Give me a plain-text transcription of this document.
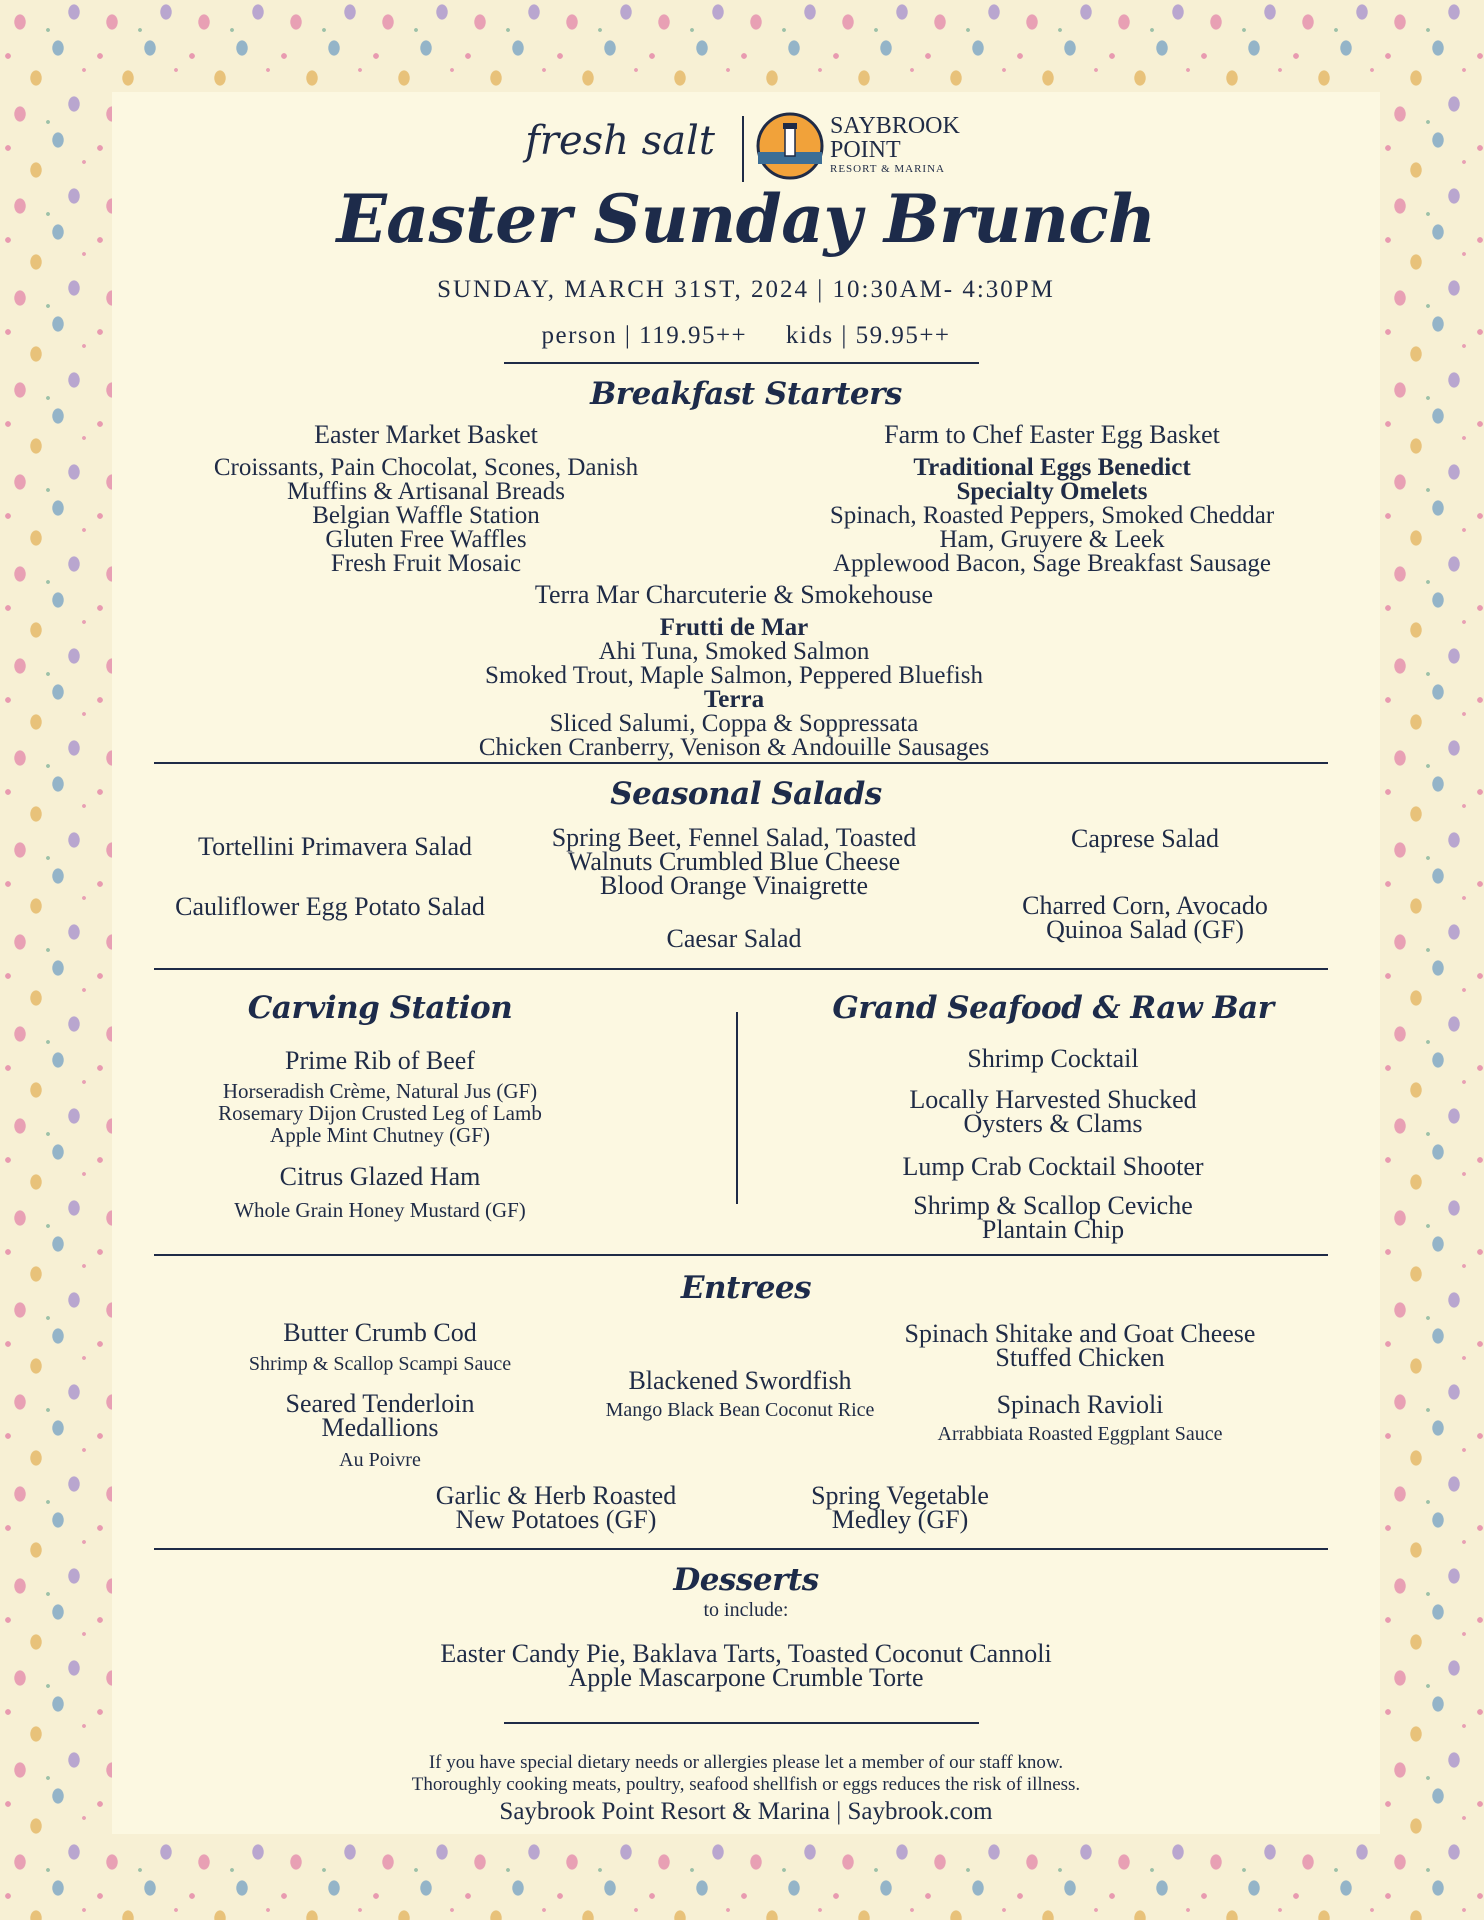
fresh salt	SAYBROOK POINT
RESORT & MARINA
Easter Sunday Brunch
SUNDAY, MARCH 31ST, 2024 | 10:30AM- 4:30PM
person | 119.95++     kids | 59.95++
Breakfast Starters
Easter Market Basket
Croissants, Pain Chocolat, Scones, Danish
Muffins & Artisanal Breads
Belgian Waffle Station
Gluten Free Waffles
Fresh Fruit Mosaic
Farm to Chef Easter Egg Basket
Traditional Eggs Benedict
Specialty Omelets
Spinach, Roasted Peppers, Smoked Cheddar
Ham, Gruyere & Leek
Applewood Bacon, Sage Breakfast Sausage
Terra Mar Charcuterie & Smokehouse
Frutti de Mar
Ahi Tuna, Smoked Salmon
Smoked Trout, Maple Salmon, Peppered Bluefish
Terra
Sliced Salumi, Coppa & Soppressata
Chicken Cranberry, Venison & Andouille Sausages
Seasonal Salads
Tortellini Primavera Salad
Cauliflower Egg Potato Salad
Spring Beet, Fennel Salad, Toasted
Walnuts Crumbled Blue Cheese
Blood Orange Vinaigrette
Caesar Salad
Caprese Salad
Charred Corn, Avocado
Quinoa Salad (GF)
Carving Station
Prime Rib of Beef
Horseradish Crème, Natural Jus (GF)
Rosemary Dijon Crusted Leg of Lamb
Apple Mint Chutney (GF)
Citrus Glazed Ham
Whole Grain Honey Mustard (GF)
Grand Seafood & Raw Bar
Shrimp Cocktail
Locally Harvested Shucked
Oysters & Clams
Lump Crab Cocktail Shooter
Shrimp & Scallop Ceviche
Plantain Chip
Entrees
Butter Crumb Cod
Shrimp & Scallop Scampi Sauce
Seared Tenderloin
Medallions
Au Poivre
Blackened Swordfish
Mango Black Bean Coconut Rice
Spinach Shitake and Goat Cheese
Stuffed Chicken
Spinach Ravioli
Arrabbiata Roasted Eggplant Sauce
Garlic & Herb Roasted
New Potatoes (GF)
Spring Vegetable
Medley (GF)
Desserts
to include:
Easter Candy Pie, Baklava Tarts, Toasted Coconut Cannoli
Apple Mascarpone Crumble Torte
If you have special dietary needs or allergies please let a member of our staff know.
Thoroughly cooking meats, poultry, seafood shellfish or eggs reduces the risk of illness.
Saybrook Point Resort & Marina | Saybrook.com
